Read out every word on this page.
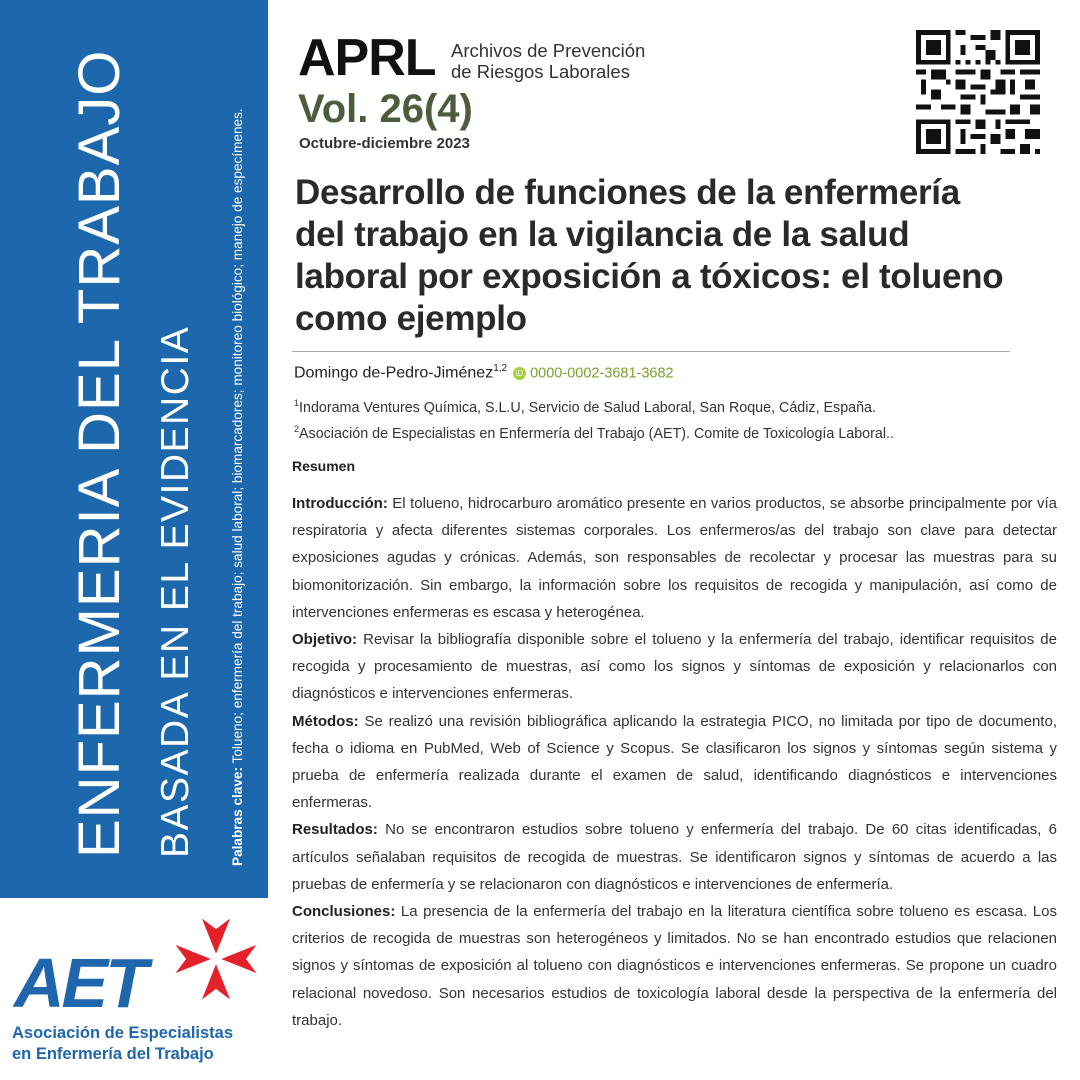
ENFERMERIA DEL TRABAJO BASADA EN EL EVIDENCIA Palabras clave: Tolueno; enfermería del trabajo; salud laboral; biomarcadores; monitoreo biológico; manejo de especímenes.
AET
Asociación de Especialistas
en Enfermería del Trabajo
APRL Archivos de Prevención
de Riesgos Laborales
Vol. 26(4)
Octubre-diciembre 2023
Desarrollo de funciones de la enfermería del trabajo en la vigilancia de la salud laboral por exposición a tóxicos: el tolueno como ejemplo
Domingo de-Pedro-Jiménez$^{1,2}$ iD 0000-0002-3681-3682
$^1$Indorama Ventures Química, S.L.U, Servicio de Salud Laboral, San Roque, Cádiz, España.
$^2$Asociación de Especialistas en Enfermería del Trabajo (AET). Comite de Toxicología Laboral..
Resumen

Introducción: El tolueno, hidrocarburo aromático presente en varios productos, se absorbe principalmente por vía respiratoria y afecta diferentes sistemas corporales. Los enfermeros/as del trabajo son clave para detectar exposiciones agudas y crónicas. Además, son responsables de recolectar y procesar las muestras para su biomonitorización. Sin embargo, la información sobre los requisitos de recogida y manipulación, así como de intervenciones enfermeras es escasa y heterogénea.

Objetivo: Revisar la bibliografía disponible sobre el tolueno y la enfermería del trabajo, identificar requisitos de recogida y procesamiento de muestras, así como los signos y síntomas de exposición y relacionarlos con diagnósticos e intervenciones enfermeras.

Métodos: Se realizó una revisión bibliográfica aplicando la estrategia PICO, no limitada por tipo de documento, fecha o idioma en PubMed, Web of Science y Scopus. Se clasificaron los signos y síntomas según sistema y prueba de enfermería realizada durante el examen de salud, identificando diagnósticos e intervenciones enfermeras.

Resultados: No se encontraron estudios sobre tolueno y enfermería del trabajo. De 60 citas identificadas, 6 artículos señalaban requisitos de recogida de muestras. Se identificaron signos y síntomas de acuerdo a las pruebas de enfermería y se relacionaron con diagnósticos e intervenciones de enfermería.

Conclusiones: La presencia de la enfermería del trabajo en la literatura científica sobre tolueno es escasa. Los criterios de recogida de muestras son heterogéneos y limitados. No se han encontrado estudios que relacionen signos y síntomas de exposición al tolueno con diagnósticos e intervenciones enfermeras. Se propone un cuadro relacional novedoso. Son necesarios estudios de toxicología laboral desde la perspectiva de la enfermería del trabajo.
